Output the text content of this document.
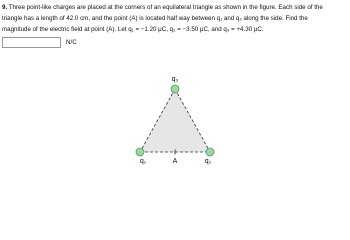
9. Three point-like charges are placed at the corners of an equilateral triangle as shown in the figure. Each side of the

triangle has a length of 42.0 cm, and the point (A) is located half way between q₁ and q₂ along the side. Find the

magnitude of the electric field at point (A). Let q₁ = −1.20 μC, q₂ = −3.50 μC, and q₃ = +4.30 μC.

N/C
q₃
q₁	q₂
A
